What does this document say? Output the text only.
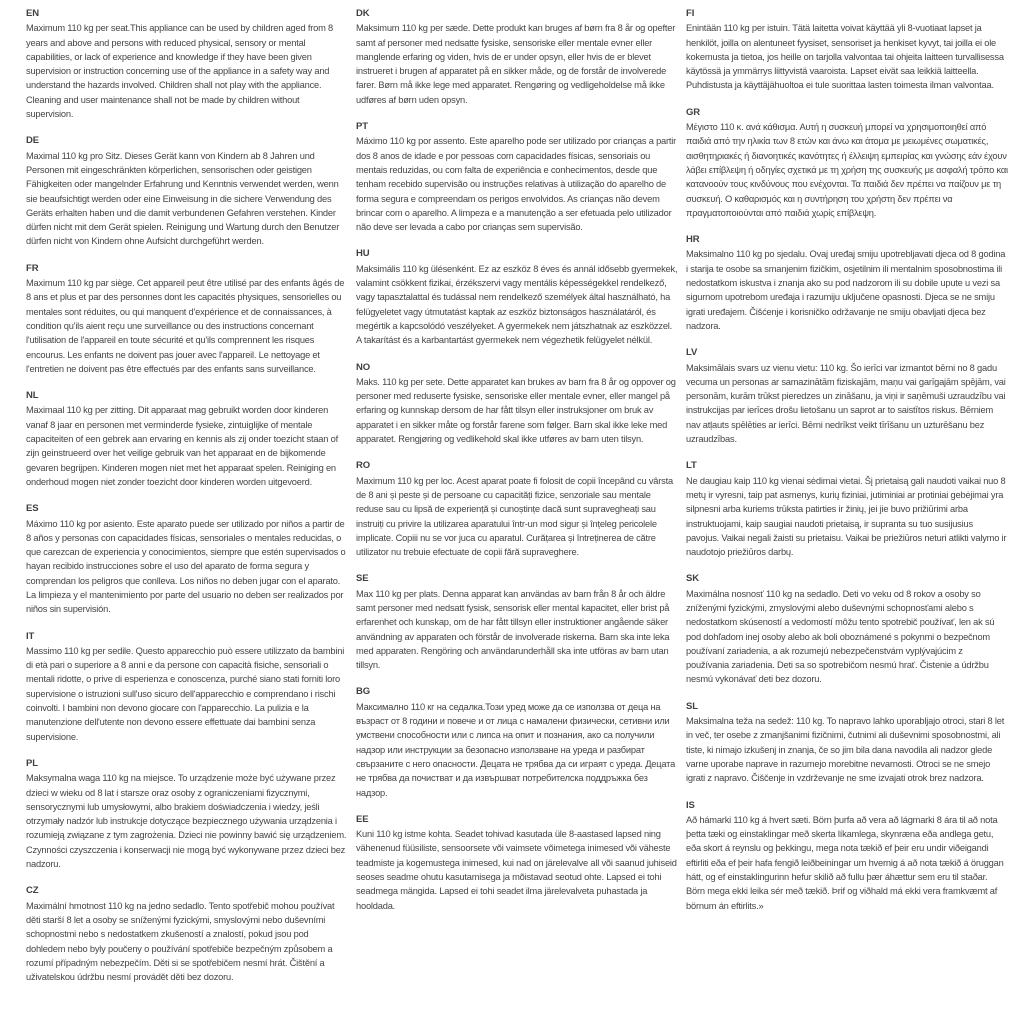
EN

Maximum 110 kg per seat.This appliance can be used by children aged from 8 years and above and persons with reduced physical, sensory or mental capabilities, or lack of experience and knowledge if they have been given supervision or instruction concerning use of the appliance in a safety way and understand the hazards involved. Children shall not play with the appliance. Cleaning and user maintenance shall not be made by children without supervision.

DE

Maximal 110 kg pro Sitz. Dieses Gerät kann von Kindern ab 8 Jahren und Personen mit eingeschränkten körperlichen, sensorischen oder geistigen Fähigkeiten oder mangelnder Erfahrung und Kenntnis verwendet werden, wenn sie beaufsichtigt werden oder eine Einweisung in die sichere Verwendung des Geräts erhalten haben und die damit verbundenen Gefahren verstehen. Kinder dürfen nicht mit dem Gerät spielen. Reinigung und Wartung durch den Benutzer dürfen nicht von Kindern ohne Aufsicht durchgeführt werden.

FR

Maximum 110 kg par siège. Cet appareil peut être utilisé par des enfants âgés de 8 ans et plus et par des personnes dont les capacités physiques, sensorielles ou mentales sont réduites, ou qui manquent d'expérience et de connaissances, à condition qu'ils aient reçu une surveillance ou des instructions concernant l'utilisation de l'appareil en toute sécurité et qu'ils comprennent les risques encourus. Les enfants ne doivent pas jouer avec l'appareil. Le nettoyage et l'entretien ne doivent pas être effectués par des enfants sans surveillance.

NL

Maximaal 110 kg per zitting. Dit apparaat mag gebruikt worden door kinderen vanaf 8 jaar en personen met verminderde fysieke, zintuiglijke of mentale capaciteiten of een gebrek aan ervaring en kennis als zij onder toezicht staan of zijn geinstrueerd over het veilige gebruik van het apparaat en de bijkomende gevaren begrijpen. Kinderen mogen niet met het apparaat spelen. Reiniging en onderhoud mogen niet zonder toezicht door kinderen worden uitgevoerd.

ES

Máximo 110 kg por asiento. Este aparato puede ser utilizado por niños a partir de 8 años y personas con capacidades físicas, sensoriales o mentales reducidas, o que carezcan de experiencia y conocimientos, siempre que estén supervisados o hayan recibido instrucciones sobre el uso del aparato de forma segura y comprendan los peligros que conlleva. Los niños no deben jugar con el aparato. La limpieza y el mantenimiento por parte del usuario no deben ser realizados por niños sin supervisión.

IT

Massimo 110 kg per sedile. Questo apparecchio può essere utilizzato da bambini di età pari o superiore a 8 anni e da persone con capacità fisiche, sensoriali o mentali ridotte, o prive di esperienza e conoscenza, purché siano stati forniti loro supervisione o istruzioni sull'uso sicuro dell'apparecchio e comprendano i rischi coinvolti. I bambini non devono giocare con l'apparecchio. La pulizia e la manutenzione dell'utente non devono essere effettuate dai bambini senza supervisione.

PL

Maksymalna waga 110 kg na miejsce. To urządzenie może być używane przez dzieci w wieku od 8 lat i starsze oraz osoby z ograniczeniami fizycznymi, sensorycznymi lub umysłowymi, albo brakiem doświadczenia i wiedzy, jeśli otrzymały nadzór lub instrukcje dotyczące bezpiecznego używania urządzenia i rozumieją związane z tym zagrożenia. Dzieci nie powinny bawić się urządzeniem. Czynności czyszczenia i konserwacji nie mogą być wykonywane przez dzieci bez nadzoru.

CZ

Maximální hmotnost 110 kg na jedno sedadlo. Tento spotřebič mohou používat děti starší 8 let a osoby se sníženými fyzickými, smyslovými nebo duševními schopnostmi nebo s nedostatkem zkušeností a znalostí, pokud jsou pod dohledem nebo byly poučeny o používání spotřebiče bezpečným způsobem a rozumí případným nebezpečím. Děti si se spotřebičem nesmí hrát. Čištění a uživatelskou údržbu nesmí provádět děti bez dozoru.

DK

Maksimum 110 kg per sæde. Dette produkt kan bruges af børn fra 8 år og opefter samt af personer med nedsatte fysiske, sensoriske eller mentale evner eller manglende erfaring og viden, hvis de er under opsyn, eller hvis de er blevet instrueret i brugen af apparatet på en sikker måde, og de forstår de involverede farer. Børn må ikke lege med apparatet. Rengøring og vedligeholdelse må ikke udføres af børn uden opsyn.

PT

Máximo 110 kg por assento. Este aparelho pode ser utilizado por crianças a partir dos 8 anos de idade e por pessoas com capacidades físicas, sensoriais ou mentais reduzidas, ou com falta de experiência e conhecimentos, desde que tenham recebido supervisão ou instruções relativas à utilização do aparelho de forma segura e compreendam os perigos envolvidos. As crianças não devem brincar com o aparelho. A limpeza e a manutenção a ser efetuada pelo utilizador não deve ser levada a cabo por crianças sem supervisão.

HU

Maksimális 110 kg ülésenként. Ez az eszköz 8 éves és annál idősebb gyermekek, valamint csökkent fizikai, érzékszervi vagy mentális képességekkel rendelkező, vagy tapasztalattal és tudással nem rendelkező személyek által használható, ha felügyeletet vagy útmutatást kaptak az eszköz biztonságos használatáról, és megértik a kapcsolódó veszélyeket. A gyermekek nem játszhatnak az eszközzel. A takarítást és a karbantartást gyermekek nem végezhetik felügyelet nélkül.

NO

Maks. 110 kg per sete. Dette apparatet kan brukes av barn fra 8 år og oppover og personer med reduserte fysiske, sensoriske eller mentale evner, eller mangel på erfaring og kunnskap dersom de har fått tilsyn eller instruksjoner om bruk av apparatet i en sikker måte og forstår farene som følger. Barn skal ikke leke med apparatet. Rengjøring og vedlikehold skal ikke utføres av barn uten tilsyn.

RO

Maximum 110 kg per loc. Acest aparat poate fi folosit de copii începând cu vârsta de 8 ani și peste și de persoane cu capacități fizice, senzoriale sau mentale reduse sau cu lipsă de experiență și cunoștințe dacă sunt supravegheați sau instruiți cu privire la utilizarea aparatului într-un mod sigur și înțeleg pericolele implicate. Copiii nu se vor juca cu aparatul. Curățarea și întreținerea de către utilizator nu trebuie efectuate de copii fără supraveghere.

SE

Max 110 kg per plats. Denna apparat kan användas av barn från 8 år och äldre samt personer med nedsatt fysisk, sensorisk eller mental kapacitet, eller brist på erfarenhet och kunskap, om de har fått tillsyn eller instruktioner angående säker användning av apparaten och förstår de involverade riskerna. Barn ska inte leka med apparaten. Rengöring och användarunderhåll ska inte utföras av barn utan tillsyn.

BG

Максимално 110 кг на седалка.Този уред може да се използва от деца на възраст от 8 години и повече и от лица с намалени физически, сетивни или умствени способности или с липса на опит и познания, ако са получили надзор или инструкции за безопасно използване на уреда и разбират свързаните с него опасности. Децата не трябва да си играят с уреда. Децата не трябва да почистват и да извършват потребителска поддръжка без надзор.

EE

Kuni 110 kg istme kohta. Seadet tohivad kasutada üle 8-aastased lapsed ning vähenenud füüsiliste, sensoorsete või vaimsete võimetega inimesed või väheste teadmiste ja kogemustega inimesed, kui nad on järelevalve all või saanud juhiseid seoses seadme ohutu kasutamisega ja mõistavad seotud ohte. Lapsed ei tohi seadmega mängida. Lapsed ei tohi seadet ilma järelevalveta puhastada ja hooldada.

FI

Enintään 110 kg per istuin. Tätä laitetta voivat käyttää yli 8-vuotiaat lapset ja henkilöt, joilla on alentuneet fyysiset, sensoriset ja henkiset kyvyt, tai joilla ei ole kokemusta ja tietoa, jos heille on tarjolla valvontaa tai ohjeita laitteen turvallisessa käytössä ja ymmärrys liittyvistä vaaroista. Lapset eivät saa leikkiä laitteella. Puhdistusta ja käyttäjähuoltoa ei tule suorittaa lasten toimesta ilman valvontaa.

GR

Μέγιστο 110 κ. ανά κάθισμα. Αυτή η συσκευή μπορεί να χρησιμοποιηθεί από παιδιά από την ηλικία των 8 ετών και άνω και άτομα με μειωμένες σωματικές, αισθητηριακές ή διανοητικές ικανότητες ή έλλειψη εμπειρίας και γνώσης εάν έχουν λάβει επίβλεψη ή οδηγίες σχετικά με τη χρήση της συσκευής με ασφαλή τρόπο και κατανοούν τους κινδύνους που ενέχονται. Τα παιδιά δεν πρέπει να παίζουν με τη συσκευή. Ο καθαρισμός και η συντήρηση του χρήστη δεν πρέπει να πραγματοποιούνται από παιδιά χωρίς επίβλεψη.

HR

Maksimalno 110 kg po sjedalu. Ovaj uređaj smiju upotrebljavati djeca od 8 godina i starija te osobe sa smanjenim fizičkim, osjetilnim ili mentalnim sposobnostima ili nedostatkom iskustva i znanja ako su pod nadzorom ili su dobile upute u vezi sa sigurnom upotrebom uređaja i razumiju uključene opasnosti. Djeca se ne smiju igrati uređajem. Čišćenje i korisničko održavanje ne smiju obavljati djeca bez nadzora.

LV

Maksimālais svars uz vienu vietu: 110 kg. Šo ierīci var izmantot bērni no 8 gadu vecuma un personas ar samazinātām fiziskajām, maņu vai garīgajām spējām, vai personām, kurām trūkst pieredzes un zināšanu, ja viņi ir saņēmuši uzraudzību vai instrukcijas par ierīces drošu lietošanu un saprot ar to saistītos riskus. Bērniem nav atļauts spēlēties ar ierīci. Bērni nedrīkst veikt tīrīšanu un uzturēšanu bez uzraudzības.

LT

Ne daugiau kaip 110 kg vienai sėdimai vietai. Šį prietaisą gali naudoti vaikai nuo 8 metų ir vyresni, taip pat asmenys, kurių fiziniai, jutiminiai ar protiniai gebėjimai yra silpnesni arba kuriems trūksta patirties ir žinių, jei jie buvo prižiūrimi arba instruktuojami, kaip saugiai naudoti prietaisą, ir supranta su tuo susijusius pavojus. Vaikai negali žaisti su prietaisu. Vaikai be priežiūros neturi atlikti valymo ir naudotojo priežiūros darbų.

SK

Maximálna nosnosť 110 kg na sedadlo. Deti vo veku od 8 rokov a osoby so zníženými fyzickými, zmyslovými alebo duševnými schopnosťami alebo s nedostatkom skúseností a vedomostí môžu tento spotrebič používať, len ak sú pod dohľadom inej osoby alebo ak boli oboznámené s pokynmi o bezpečnom používaní zariadenia, a ak rozumejú nebezpečenstvám vyplývajúcim z používania zariadenia. Deti sa so spotrebičom nesmú hrať. Čistenie a údržbu nesmú vykonávať deti bez dozoru.

SL

Maksimalna teža na sedež: 110 kg. To napravo lahko uporabljajo otroci, stari 8 let in več, ter osebe z zmanjšanimi fizičnimi, čutnimi ali duševnimi sposobnostmi, ali tiste, ki nimajo izkušenj in znanja, če so jim bila dana navodila ali nadzor glede varne uporabe naprave in razumejo morebitne nevarnosti. Otroci se ne smejo igrati z napravo. Čiščenje in vzdrževanje ne sme izvajati otrok brez nadzora.

IS

Að hámarki 110 kg á hvert sæti. Börn þurfa að vera að lágmarki 8 ára til að nota þetta tæki og einstaklingar með skerta líkamlega, skynræna eða andlega getu, eða skort á reynslu og þekkingu, mega nota tækið ef þeir eru undir viðeigandi eftirliti eða ef þeir hafa fengið leiðbeiningar um hvernig á að nota tækið á öruggan hátt, og ef einstaklingurinn hefur skilið að fullu þær áhættur sem eru til staðar. Börn mega ekki leika sér með tækið. Þrif og viðhald má ekki vera framkvæmt af börnum án eftirlits.»
